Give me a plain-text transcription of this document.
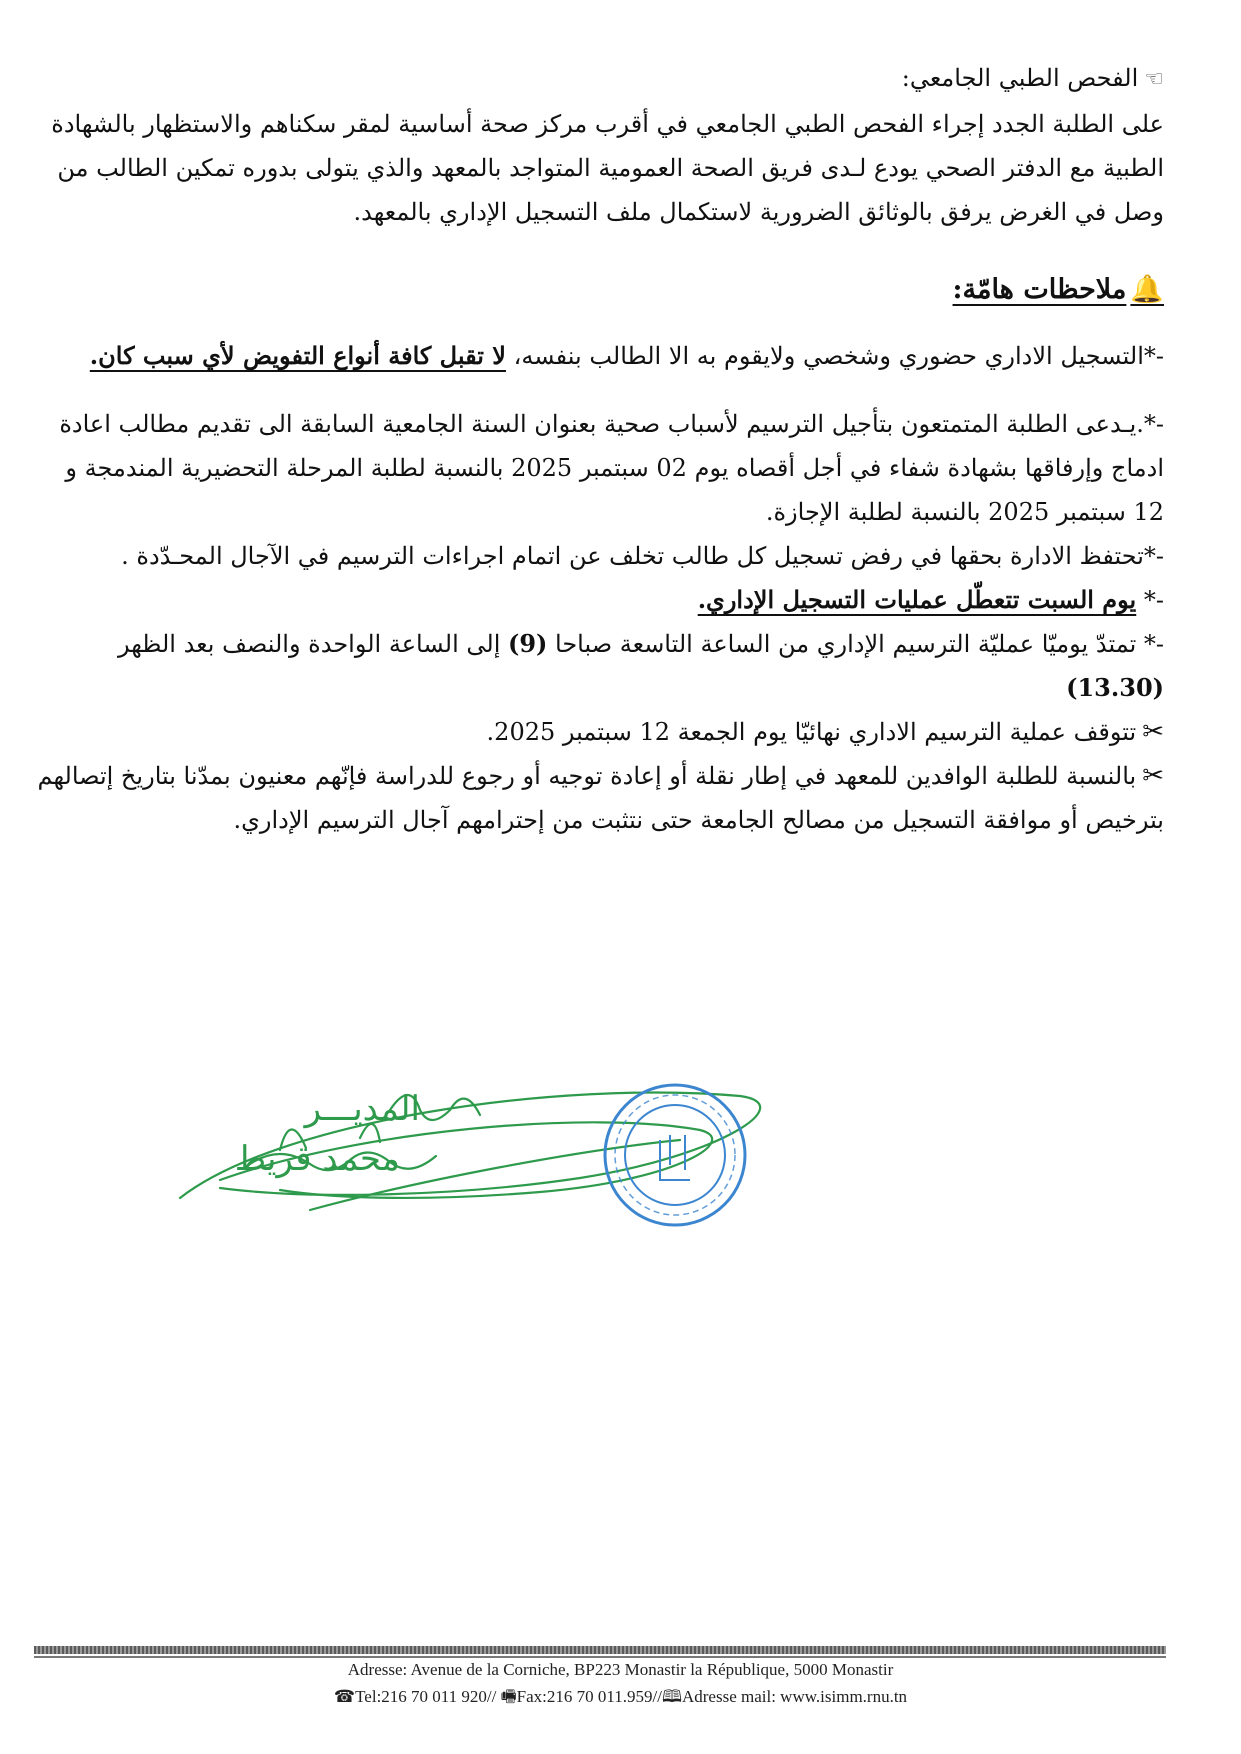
☜الفحص الطبي الجامعي:
على الطلبة الجدد إجراء الفحص الطبي الجامعي في أقرب مركز صحة أساسية لمقر سكناهم والاستظهار بالشهادة الطبية مع الدفتر الصحي يودع لـدى فريق الصحة العمومية المتواجد بالمعهد والذي يتولى بدوره تمكين الطالب من وصل في الغرض يرفق بالوثائق الضرورية لاستكمال ملف التسجيل الإداري بالمعهد.

🔔ملاحظات هامّة:

-*التسجيل الاداري حضوري وشخصي ولايقوم به الا الطالب بنفسه، لا تقبل كافة أنواع التفويض لأي سبب كان.

-*.يـدعى الطلبة المتمتعون بتأجيل الترسيم لأسباب صحية بعنوان السنة الجامعية السابقة الى تقديم مطالب اعادة ادماج وإرفاقها بشهادة شفاء في أجل أقصاه يوم 02 سبتمبر 2025 بالنسبة لطلبة المرحلة التحضيرية المندمجة و 12 سبتمبر 2025 بالنسبة لطلبة الإجازة.

-*تحتفظ الادارة بحقها في رفض تسجيل كل طالب تخلف عن اتمام اجراءات الترسيم في الآجال المحـدّدة .

-* يوم السبت تتعطّل عمليات التسجيل الإداري.

-* تمتدّ يوميّا عمليّة الترسيم الإداري من الساعة التاسعة صباحا (9) إلى الساعة الواحدة والنصف بعد الظهر (13.30)

✂تتوقف عملية الترسيم الاداري نهائيّا يوم الجمعة 12 سبتمبر 2025.

✂بالنسبة للطلبة الوافدين للمعهد في إطار نقلة أو إعادة توجيه أو رجوع للدراسة فإنّهم معنيون بمدّنا بتاريخ إتصالهم بترخيص أو موافقة التسجيل من مصالح الجامعة حتى نتثبت من إحترامهم آجال الترسيم الإداري.

المديـــر
محمد قريط
Adresse: Avenue de la Corniche, BP223 Monastir la République, 5000 Monastir
☎Tel:216 70 011 920// 🖷Fax:216 70 011.959//🕮Adresse mail: www.isimm.rnu.tn
